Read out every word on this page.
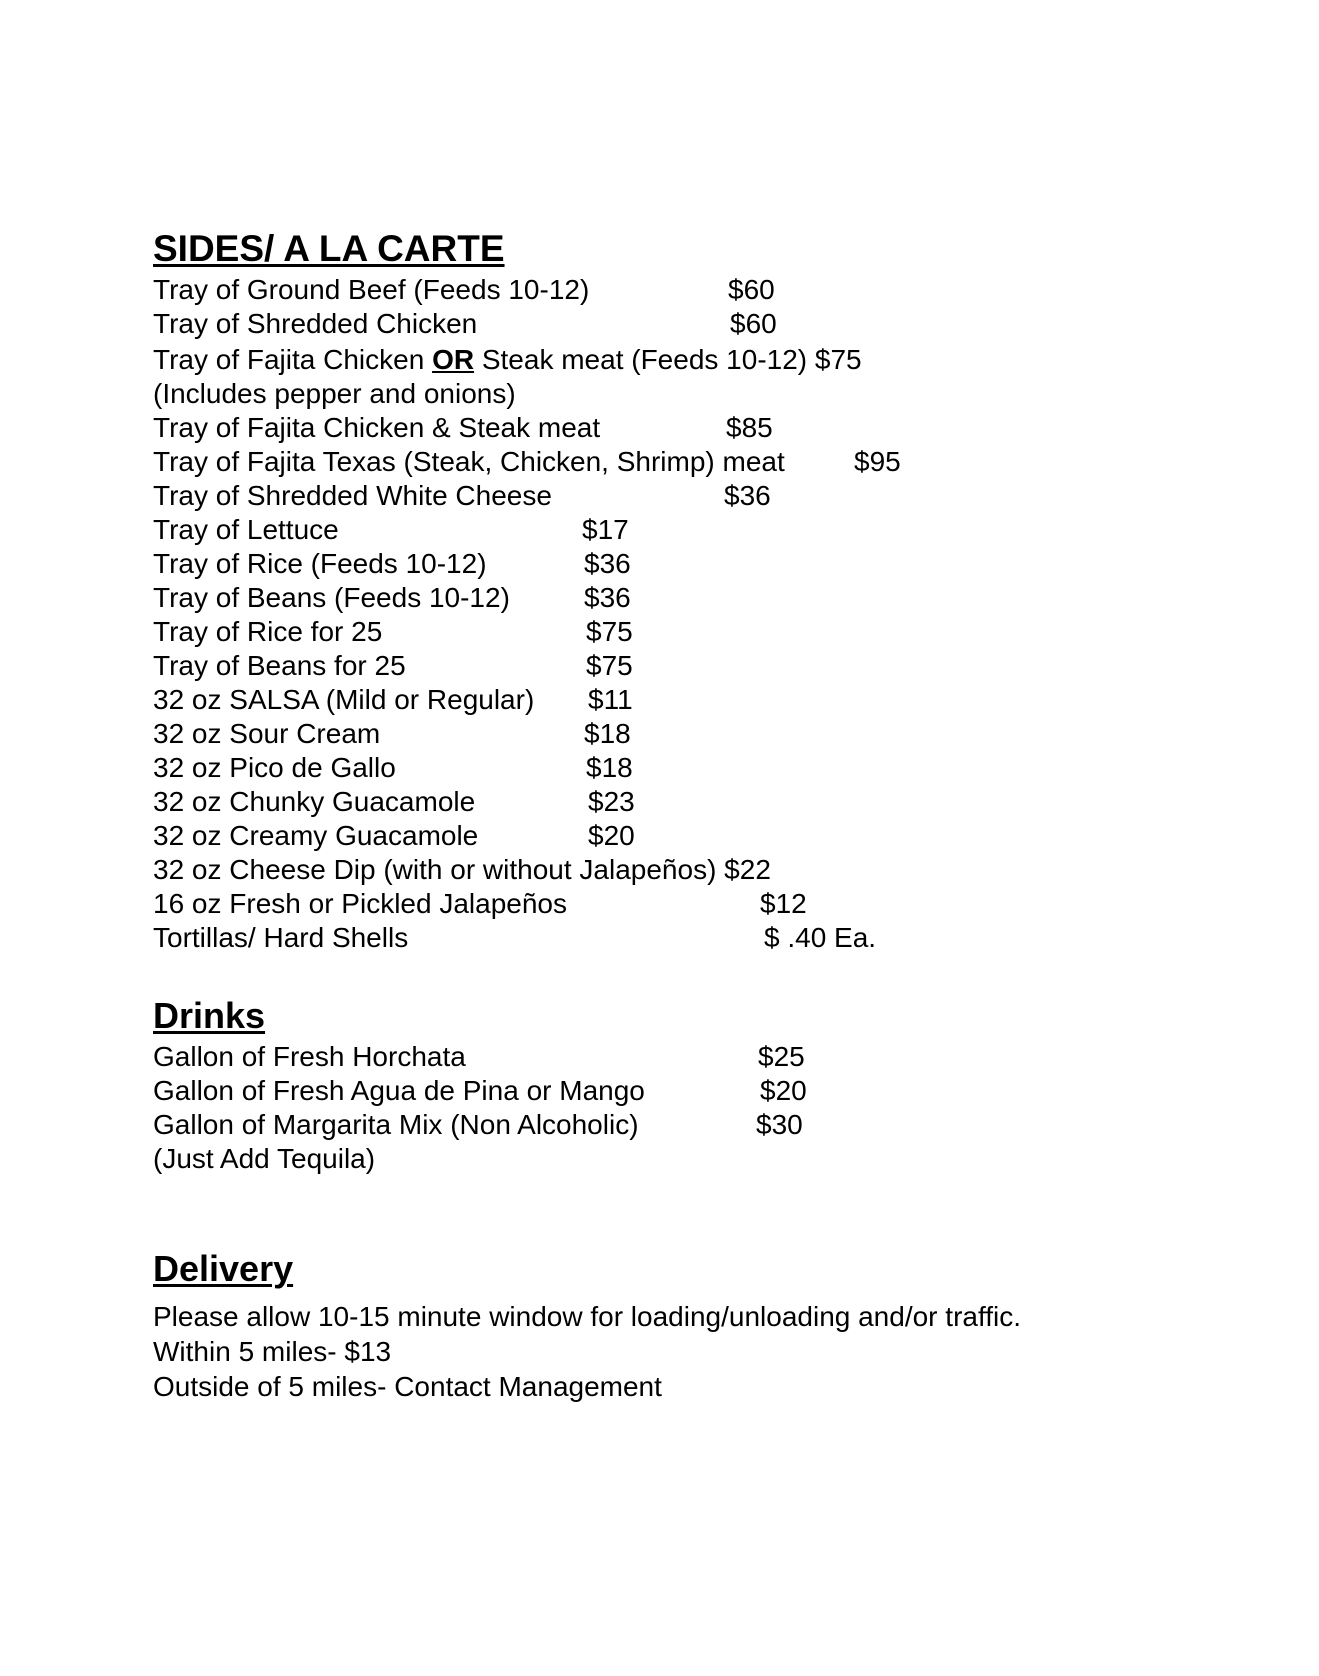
SIDES/ A LA CARTE
Tray of Ground Beef (Feeds 10-12)	$60
Tray of Shredded Chicken	$60
Tray of Fajita Chicken OR Steak meat (Feeds 10-12) $75
(Includes pepper and onions)
Tray of Fajita Chicken & Steak meat	$85
Tray of Fajita Texas (Steak, Chicken, Shrimp) meat $95
Tray of Shredded White Cheese	$36
Tray of Lettuce	$17
Tray of Rice (Feeds 10-12)	$36
Tray of Beans (Feeds 10-12)	$36
Tray of Rice for 25	$75
Tray of Beans for 25	$75
32 oz SALSA (Mild or Regular) $11
32 oz Sour Cream	$18
32 oz Pico de Gallo	$18
32 oz Chunky Guacamole	$23
32 oz Creamy Guacamole	$20
32 oz Cheese Dip (with or without Jalapeños) $22
16 oz Fresh or Pickled Jalapeños	$12
Tortillas/ Hard Shells	$ .40 Ea.
Drinks
Gallon of Fresh Horchata	$25
Gallon of Fresh Agua de Pina or Mango	$20
Gallon of Margarita Mix (Non Alcoholic)	$30
(Just Add Tequila)
Delivery
Please allow 10-15 minute window for loading/unloading and/or traffic.
Within 5 miles- $13
Outside of 5 miles- Contact Management
